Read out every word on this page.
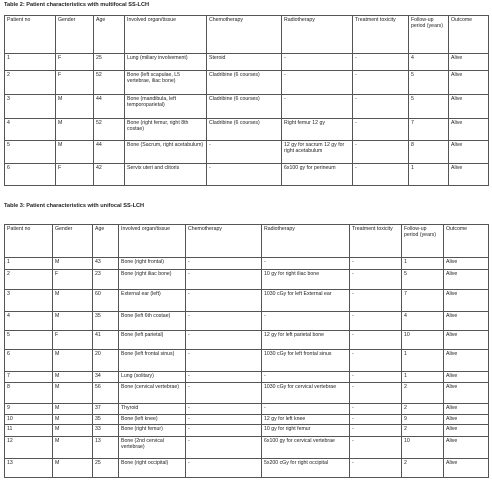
Table 2: Patient characteristics with multifocal SS-LCH
Patient no	Gender	Age	Involved organ/tissue	Chemotherapy	Radiotherapy	Treatment toxicity	Follow-up period (years)	Outcome
1	F	25	Lung (miliary involvement)	Steroid	-	-	4	Alive
2	F	52	Bone (left scapulae, L5 vertebrae, iliac bone)	Cladribine (6 courses)	-	-	5	Alive
3	M	44	Bone (mandibula, left temporoparietal)	Cladribine (6 courses)	-	-	5	Alive
4	M	52	Bone (right femur, right 8th costae)	Cladribine (6 courses)	Right femur 12 gy	-	7	Alive
5	M	44	Bone (Sacrum, right acetabulum)	-	12 gy for sacrum 12 gy for right acetabulum	-	8	Alive
6	F	42	Servix uteri and clitoris	-	6x100 gy for perineum	-	1	Alive
Table 3: Patient characteristics with unifocal SS-LCH
Patient no	Gender	Age	Involved organ/tissue	Chemotherapy	Radiotherapy	Treatment toxicity	Follow-up period (years)	Outcome
1	M	43	Bone (right frontal)	-	-	-	1	Alive
2	F	23	Bone (right iliac bone)	-	10 gy for right iliac bone	-	5	Alive
3	M	60	External ear (left)	-	1030 cGy for left External ear	-	7	Alive
4	M	35	Bone (left 6th costae)	-	-	-	4	Alive
5	F	41	Bone (left parietal)	-	12 gy for left parietal bone	-	10	Alive
6	M	20	Bone (left frontal sinus)	-	1030 cGy for left frontal sinus	-	1	Alive
7	M	34	Lung (solitary)	-	-	-	1	Alive
8	M	56	Bone (cervical vertebrae)	-	1030 cGy for cervical vertebrae	-	2	Alive
9	M	37	Thyroid	-	-	-	2	Alive
10	M	35	Bone (left knee)	-	12 gy for left knee	-	9	Alive
11	M	33	Bone (right femur)	-	10 gy for right femur	-	2	Alive
12	M	13	Bone (2nd cervical vertebrae)	-	6x100 gy for cervical vertebrae	-	10	Alive
13	M	25	Bone (right occipital)	-	5x200 cGy for right occipital	-	2	Alive
